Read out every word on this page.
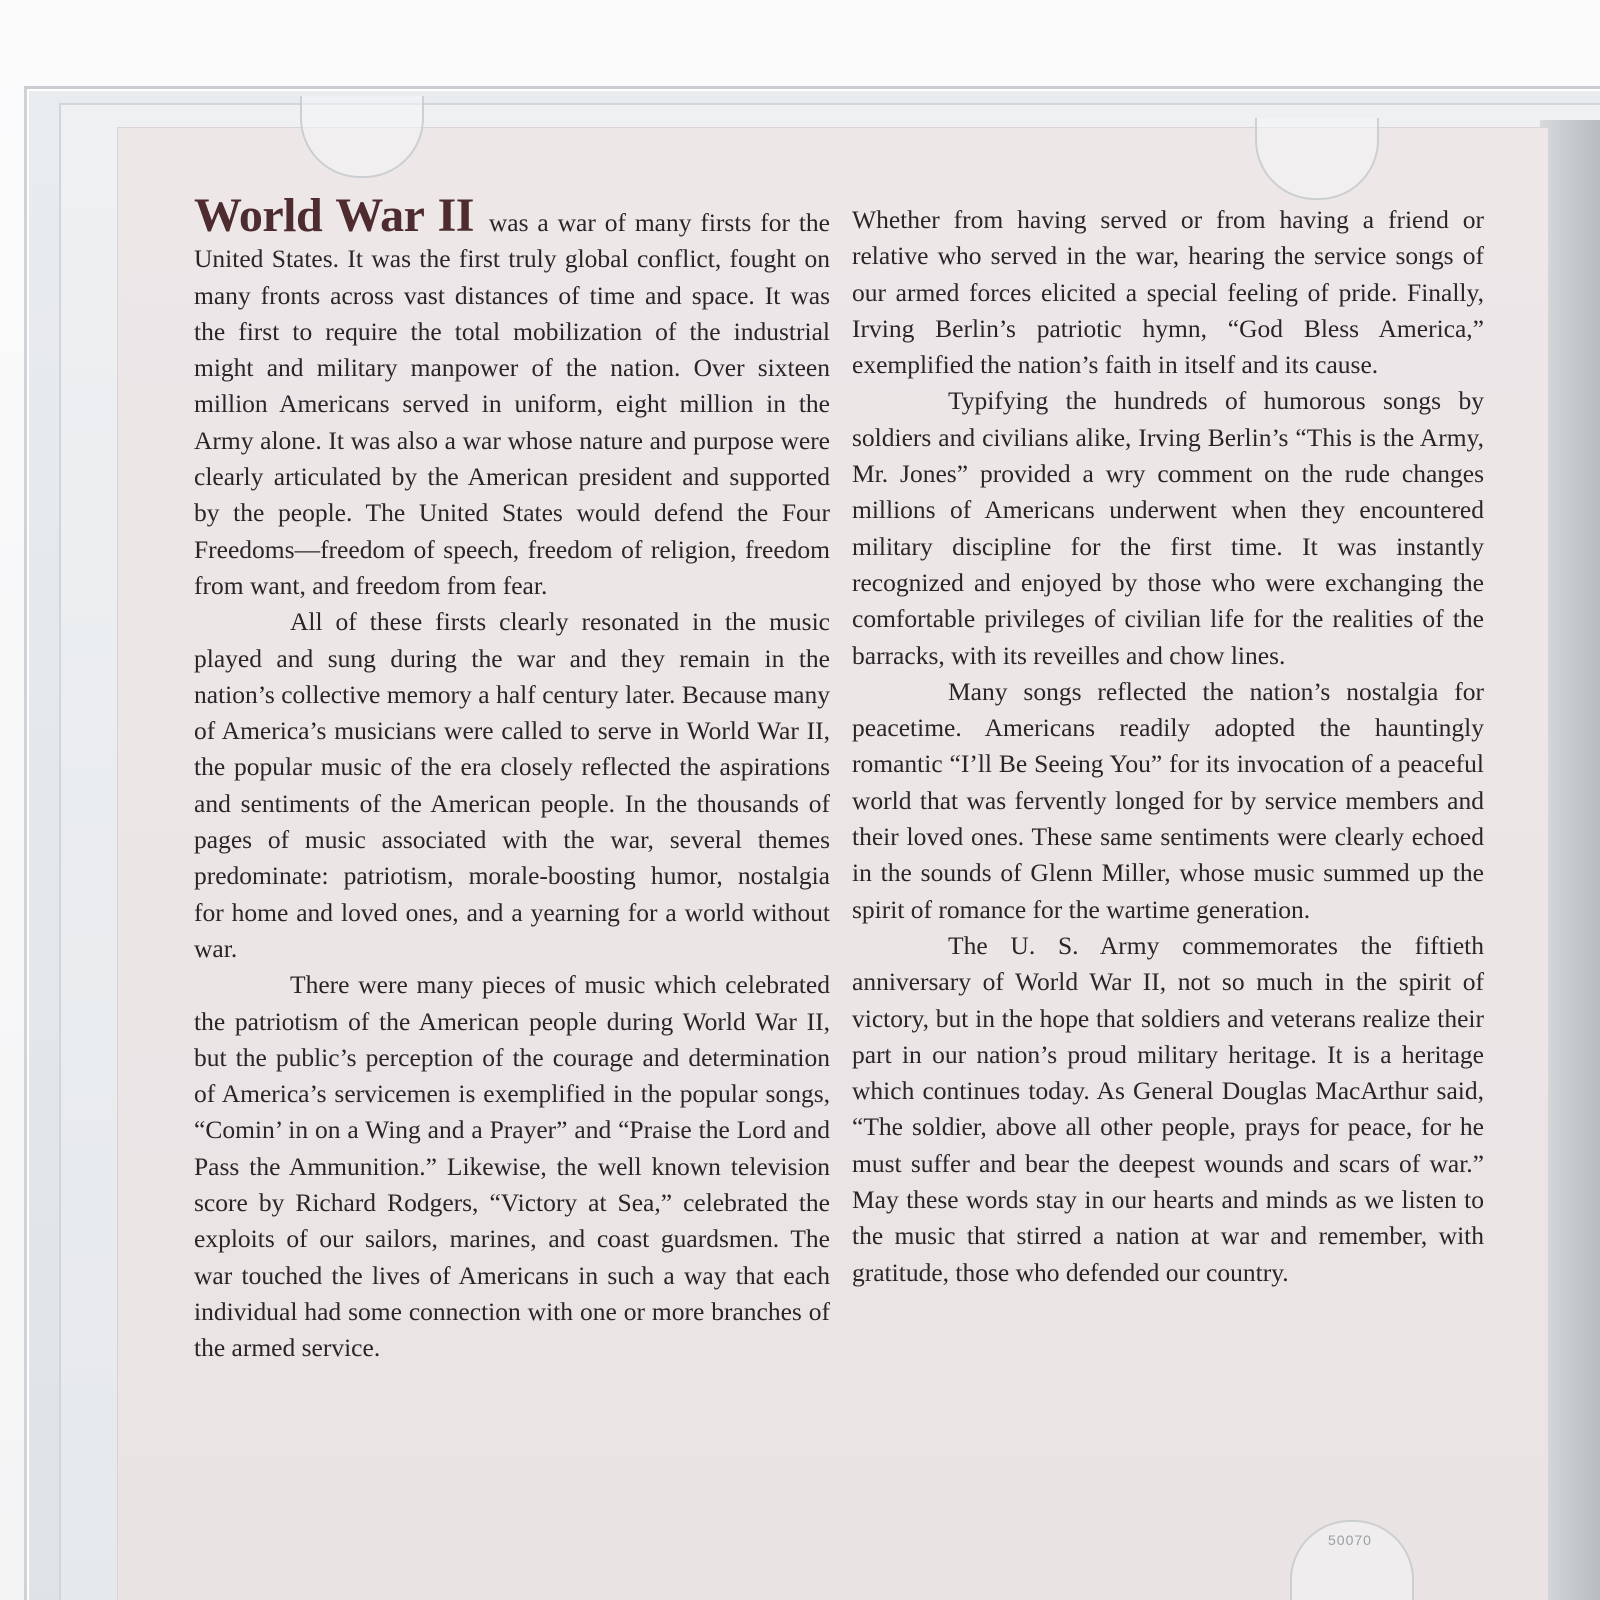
50070

World War II was a war of many firsts for the United States. It was the first truly global conflict, fought on many fronts across vast distances of time and space. It was the first to require the total mobilization of the industrial might and military manpower of the nation. Over sixteen million Americans served in uniform, eight million in the Army alone. It was also a war whose nature and purpose were clearly articulated by the American president and supported by the people. The United States would defend the Four Freedoms—freedom of speech, freedom of religion, freedom from want, and freedom from fear.

All of these firsts clearly resonated in the music played and sung during the war and they remain in the nation’s collective memory a half century later. Because many of America’s musicians were called to serve in World War II, the popular music of the era closely reflected the aspirations and sentiments of the American people. In the thousands of pages of music associated with the war, several themes predominate: patriotism, morale-boosting humor, nostalgia for home and loved ones, and a yearning for a world without war.

There were many pieces of music which celebrated the patriotism of the American people during World War II, but the public’s perception of the courage and determination of America’s servicemen is exemplified in the popular songs, “Comin’ in on a Wing and a Prayer” and “Praise the Lord and Pass the Ammunition.” Likewise, the well known television score by Richard Rodgers, “Victory at Sea,” celebrated the exploits of our sailors, marines, and coast guardsmen. The war touched the lives of Americans in such a way that each individual had some connection with one or more branches of the armed service.

Whether from having served or from having a friend or relative who served in the war, hearing the service songs of our armed forces elicited a special feeling of pride. Finally, Irving Berlin’s patriotic hymn, “God Bless America,” exemplified the nation’s faith in itself and its cause.

Typifying the hundreds of humorous songs by soldiers and civilians alike, Irving Berlin’s “This is the Army, Mr. Jones” provided a wry comment on the rude changes millions of Americans underwent when they encountered military discipline for the first time. It was instantly recognized and enjoyed by those who were exchanging the comfortable privileges of civilian life for the realities of the barracks, with its reveilles and chow lines.

Many songs reflected the nation’s nostalgia for peacetime. Americans readily adopted the hauntingly romantic “I’ll Be Seeing You” for its invocation of a peaceful world that was fervently longed for by service members and their loved ones. These same sentiments were clearly echoed in the sounds of Glenn Miller, whose music summed up the spirit of romance for the wartime generation.

The U. S. Army commemorates the fiftieth anniversary of World War II, not so much in the spirit of victory, but in the hope that soldiers and veterans realize their part in our nation’s proud military heritage. It is a heritage which continues today. As General Douglas MacArthur said, “The soldier, above all other people, prays for peace, for he must suffer and bear the deepest wounds and scars of war.” May these words stay in our hearts and minds as we listen to the music that stirred a nation at war and remember, with gratitude, those who defended our country.
